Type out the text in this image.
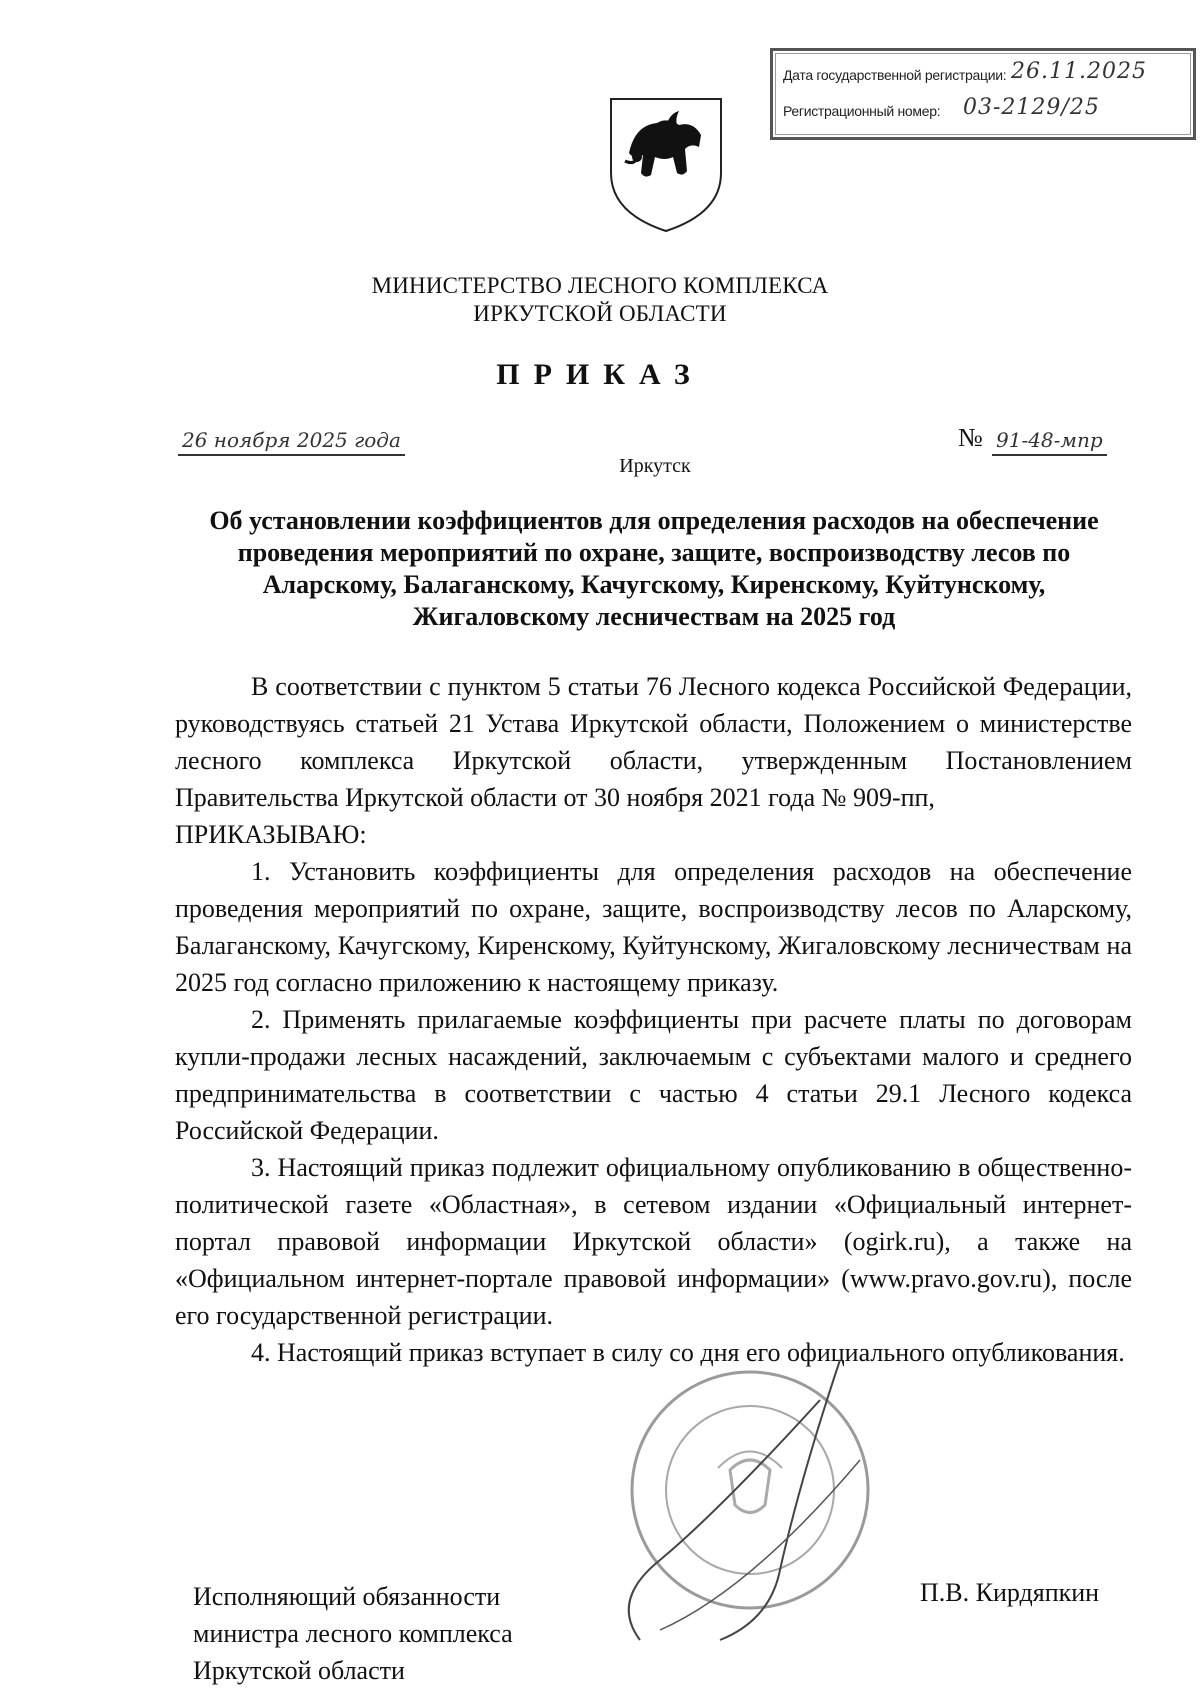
Дата государственной регистрации: 26.11.2025
Регистрационный номер: 03-2129/25
МИНИСТЕРСТВО ЛЕСНОГО КОМПЛЕКСА
ИРКУТСКОЙ ОБЛАСТИ
ПРИКАЗ
26 ноября 2025 года	№ 91-48-мпр
Иркутск
Об установлении коэффициентов для определения расходов на обеспечение проведения мероприятий по охране, защите, воспроизводству лесов по Аларскому, Балаганскому, Качугскому, Киренскому, Куйтунскому, Жигаловскому лесничествам на 2025 год

В соответствии с пунктом 5 статьи 76 Лесного кодекса Российской Федерации, руководствуясь статьей 21 Устава Иркутской области, Положением о министерстве лесного комплекса Иркутской области, утвержденным Постановлением Правительства Иркутской области от 30 ноября 2021 года № 909-пп,

ПРИКАЗЫВАЮ:

1. Установить коэффициенты для определения расходов на обеспечение проведения мероприятий по охране, защите, воспроизводству лесов по Аларскому, Балаганскому, Качугскому, Киренскому, Куйтунскому, Жигаловскому лесничествам на 2025 год согласно приложению к настоящему приказу.

2. Применять прилагаемые коэффициенты при расчете платы по договорам купли-продажи лесных насаждений, заключаемым с субъектами малого и среднего предпринимательства в соответствии с частью 4 статьи 29.1 Лесного кодекса Российской Федерации.

3. Настоящий приказ подлежит официальному опубликованию в общественно-политической газете «Областная», в сетевом издании «Официальный интернет-портал правовой информации Иркутской области» (ogirk.ru), а также на «Официальном интернет-портале правовой информации» (www.pravo.gov.ru), после его государственной регистрации.

4. Настоящий приказ вступает в силу со дня его официального опубликования.

Исполняющий обязанности
министра лесного комплекса
Иркутской области
П.В. Кирдяпкин
